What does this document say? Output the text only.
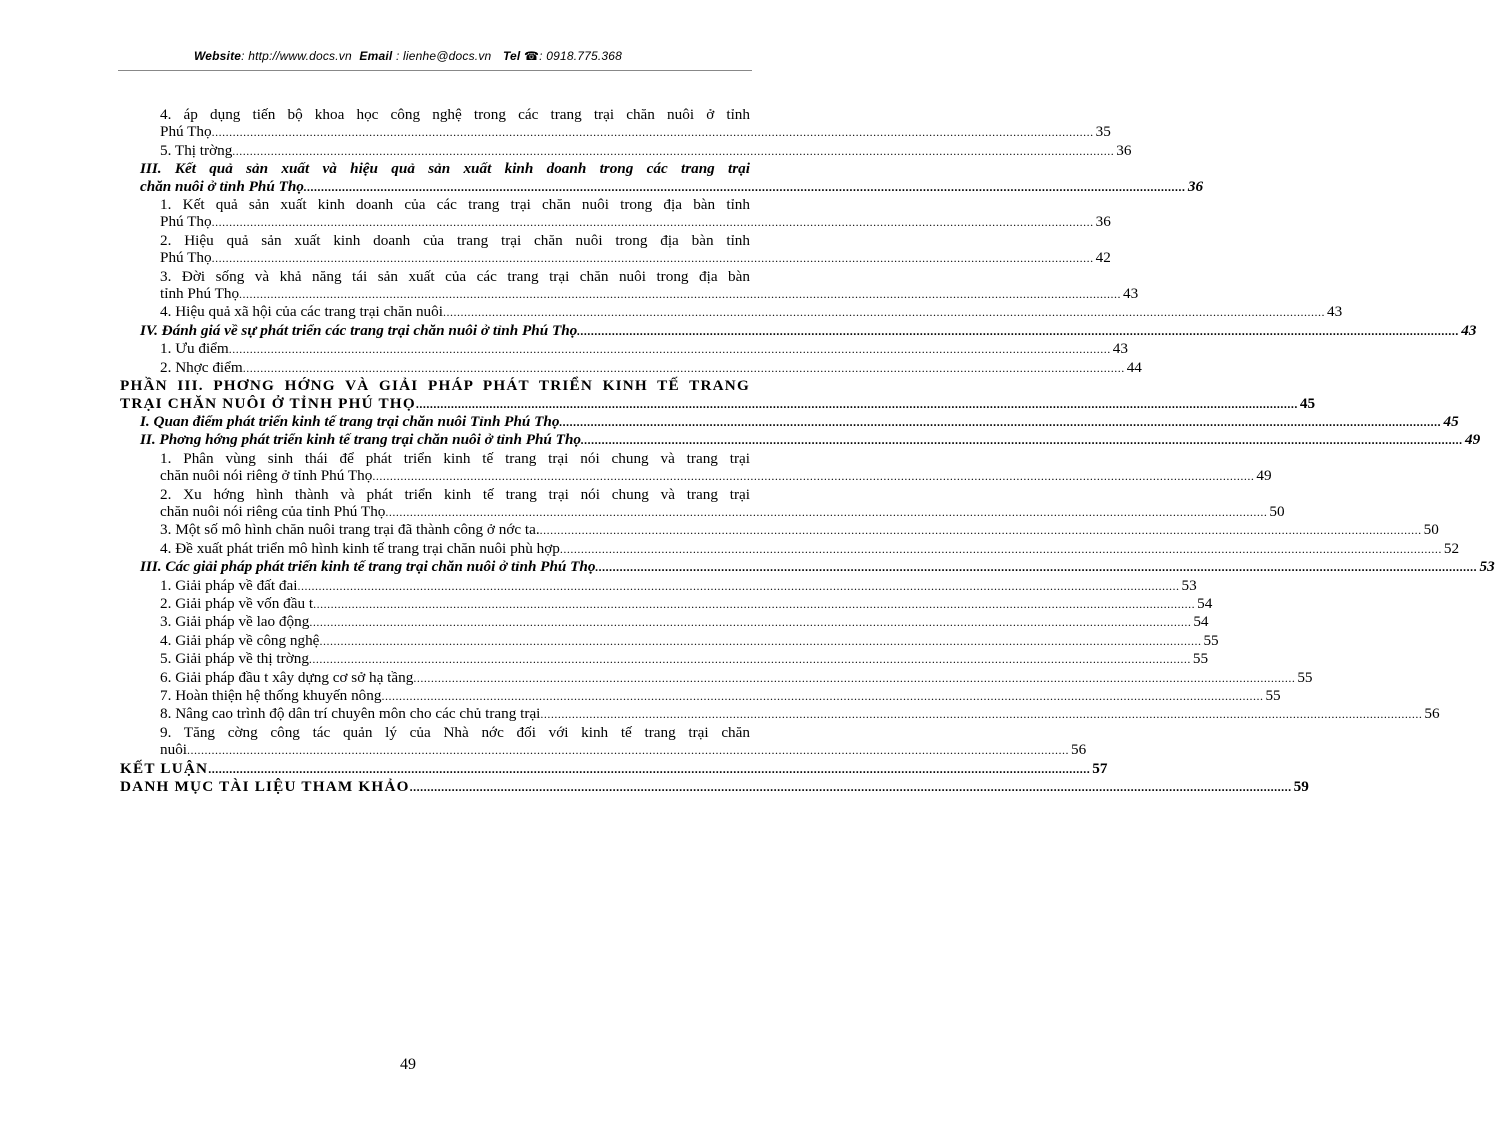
Website: http://www.docs.vn Email : lienhe@docs.vn Tel ☎: 0918.775.368
4. áp dụng tiến bộ khoa học công nghệ trong các trang trại chăn nuôi ở tỉnh
Phú Thọ .....	35
5. Thị trờng .....	36
III. Kết quả sản xuất và hiệu quả sản xuất kinh doanh trong các trang trại
chăn nuôi ở tỉnh Phú Thọ .....	36
1. Kết quả sản xuất kinh doanh của các trang trại chăn nuôi trong địa bàn tỉnh
Phú Thọ .....	36
2. Hiệu quả sản xuất kinh doanh của trang trại chăn nuôi trong địa bàn tỉnh
Phú Thọ .....	42
3. Đời sống và khả năng tái sản xuất của các trang trại chăn nuôi trong địa bàn
tỉnh Phú Thọ .....	43
4. Hiệu quả xã hội của các trang trại chăn nuôi .....	43
IV. Đánh giá về sự phát triển các trang trại chăn nuôi ở tỉnh Phú Thọ .....	43
1. Ưu điểm .....	43
2. Nhợc điểm .....	44
PHẦN III. PHƠNG HỚNG VÀ GIẢI PHÁP PHÁT TRIỂN KINH TẾ TRANG
TRẠI CHĂN NUÔI Ở TỈNH PHÚ THỌ .....	45
I. Quan điểm phát triển kinh tế trang trại chăn nuôi Tỉnh Phú Thọ .....	45
II. Phơng hớng phát triển kinh tế trang trại chăn nuôi ở tỉnh Phú Thọ .....	49
1. Phân vùng sinh thái để phát triển kinh tế trang trại nói chung và trang trại
chăn nuôi nói riêng ở tỉnh Phú Thọ .....	49
2. Xu hớng hình thành và phát triển kinh tế trang trại nói chung và trang trại
chăn nuôi nói riêng của tỉnh Phú Thọ .....	50
3. Một số mô hình chăn nuôi trang trại đã thành công ở nớc ta. .....	50
4. Đề xuất phát triển mô hình kinh tế trang trại chăn nuôi phù hợp .....	52
III. Các giải pháp phát triển kinh tế trang trại chăn nuôi ở tỉnh Phú Thọ .....	53
1. Giải pháp về đất đai .....	53
2. Giải pháp về vốn đầu t .....	54
3. Giải pháp về lao động .....	54
4. Giải pháp về công nghệ .....	55
5. Giải pháp về thị trờng .....	55
6. Giải pháp đầu t xây dựng cơ sở hạ tầng .....	55
7. Hoàn thiện hệ thống khuyến nông .....	55
8. Nâng cao trình độ dân trí chuyên môn cho các chủ trang trại .....	56
9. Tăng cờng công tác quản lý của Nhà nớc đối với kinh tế trang trại chăn
nuôi .....	56
KẾT LUẬN .....	57
DANH MỤC TÀI LIỆU THAM KHẢO .....	59
49
